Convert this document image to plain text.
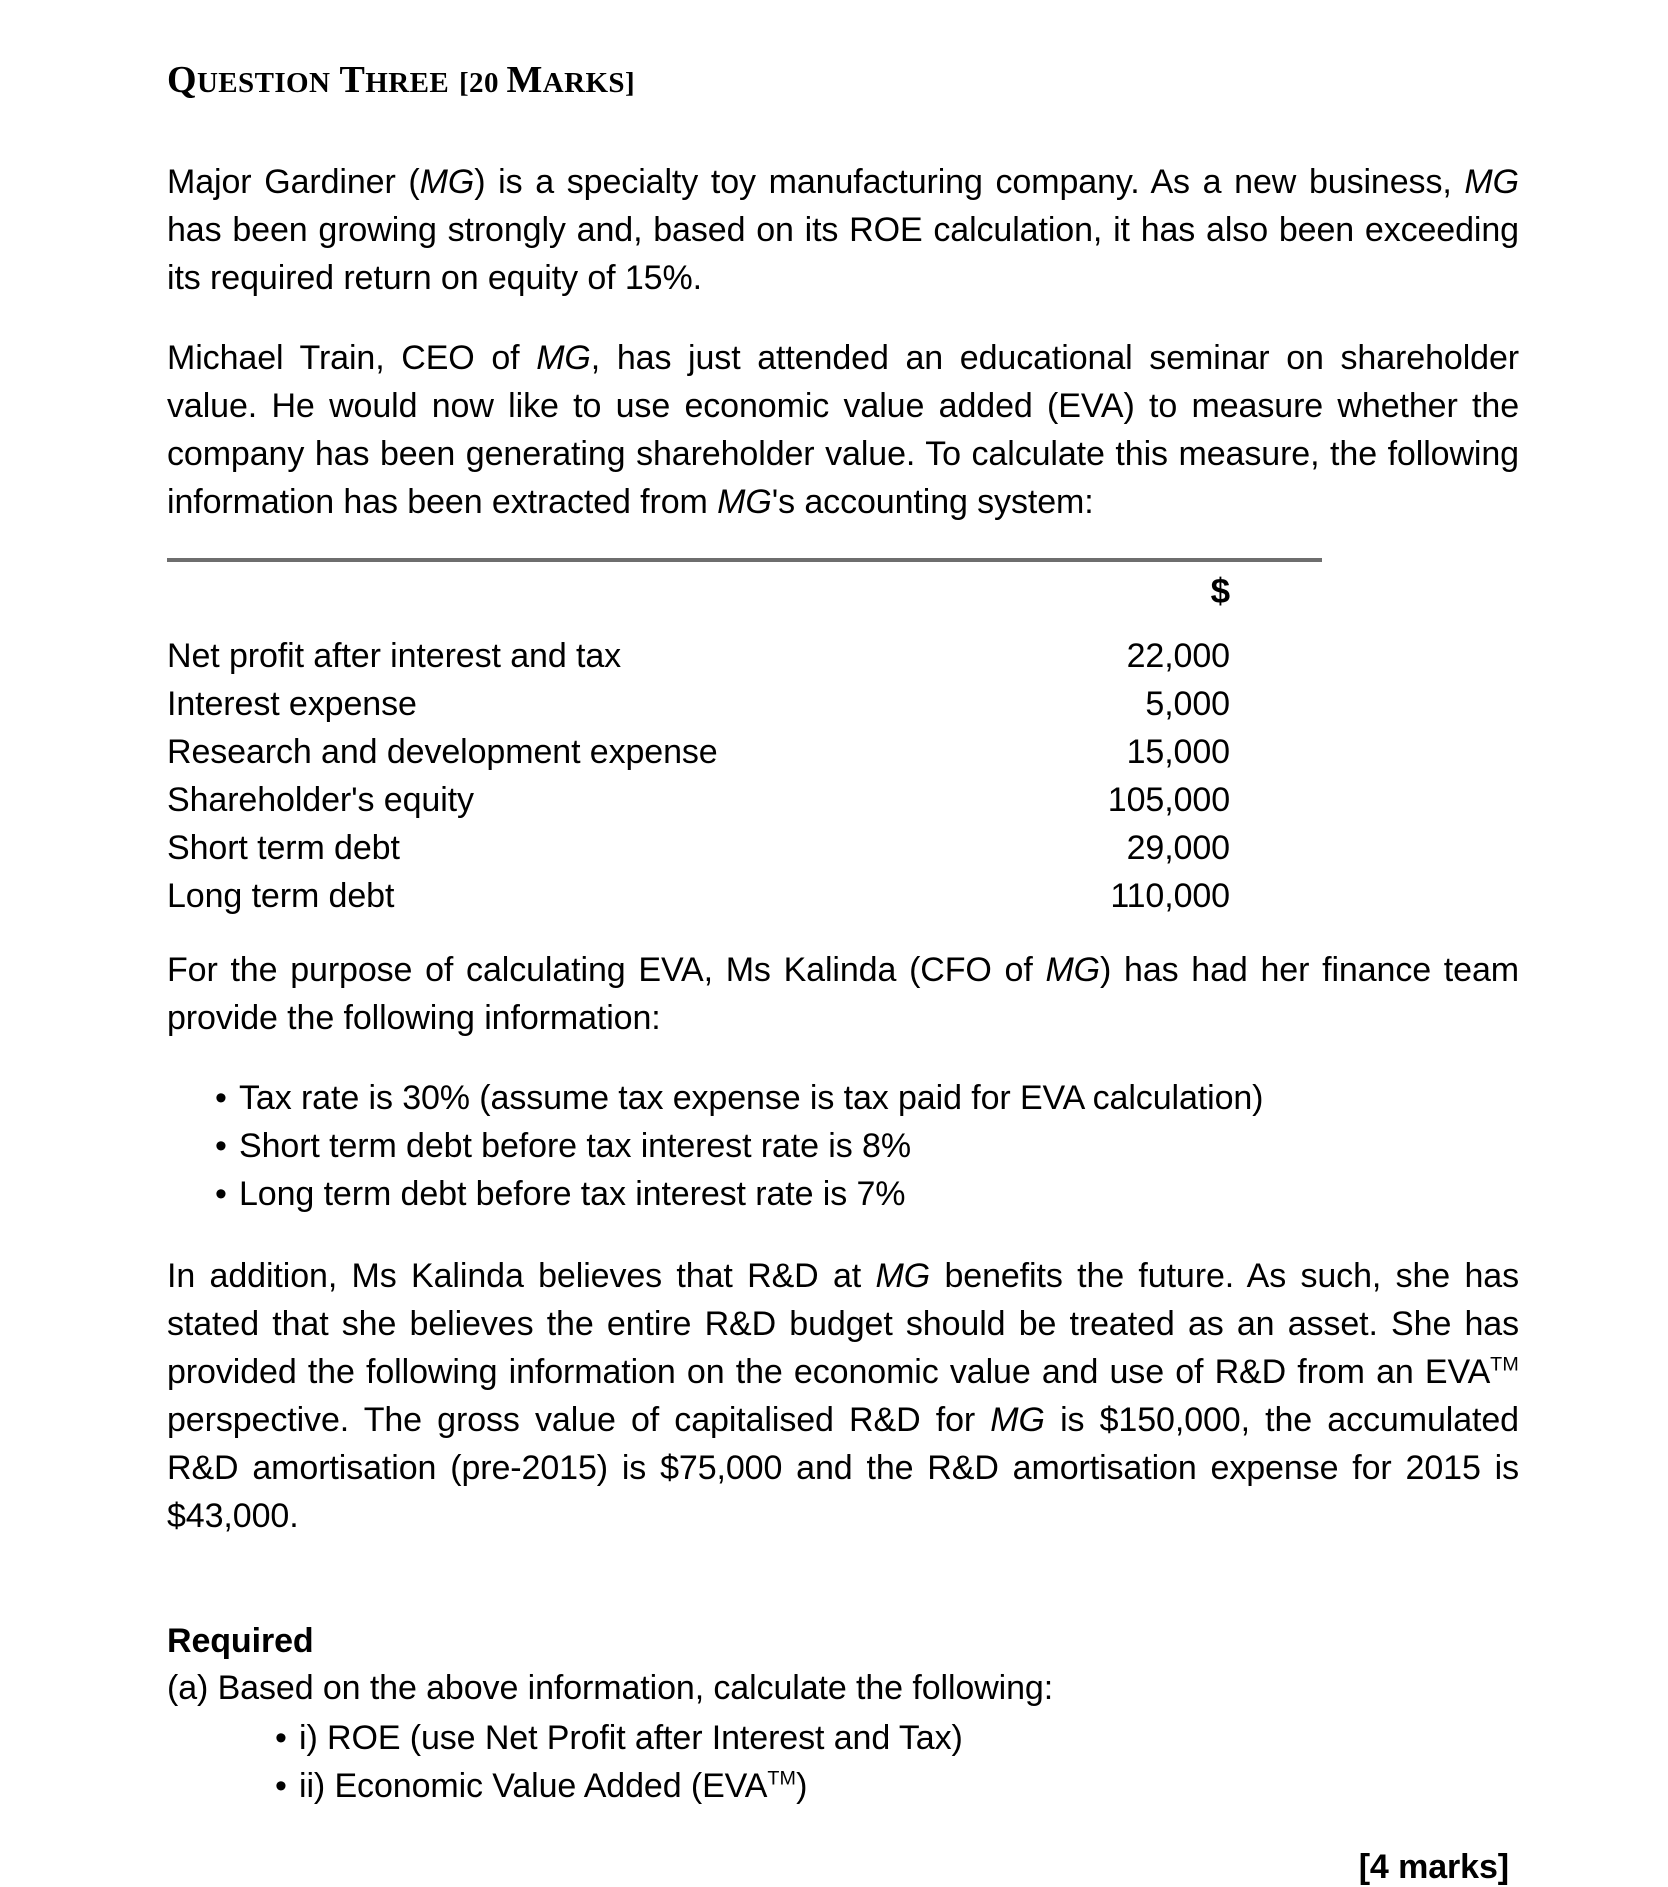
QUESTION THREE [20 MARKS]

Major Gardiner (MG) is a specialty toy manufacturing company. As a new business, MG has been growing strongly and, based on its ROE calculation, it has also been exceeding its required return on equity of 15%.

Michael Train, CEO of MG, has just attended an educational seminar on shareholder value. He would now like to use economic value added (EVA) to measure whether the company has been generating shareholder value. To calculate this measure, the following information has been extracted from MG's accounting system:

	$
Net profit after interest and tax	22,000
Interest expense	5,000
Research and development expense	15,000
Shareholder's equity	105,000
Short term debt	29,000
Long term debt	110,000

For the purpose of calculating EVA, Ms Kalinda (CFO of MG) has had her finance team provide the following information:

• Tax rate is 30% (assume tax expense is tax paid for EVA calculation)
• Short term debt before tax interest rate is 8%
• Long term debt before tax interest rate is 7%

In addition, Ms Kalinda believes that R&D at MG benefits the future. As such, she has stated that she believes the entire R&D budget should be treated as an asset. She has provided the following information on the economic value and use of R&D from an EVA™ perspective. The gross value of capitalised R&D for MG is $150,000, the accumulated R&D amortisation (pre-2015) is $75,000 and the R&D amortisation expense for 2015 is $43,000.

Required

(a) Based on the above information, calculate the following:

• i) ROE (use Net Profit after Interest and Tax)
• ii) Economic Value Added (EVA™)
[4 marks]
